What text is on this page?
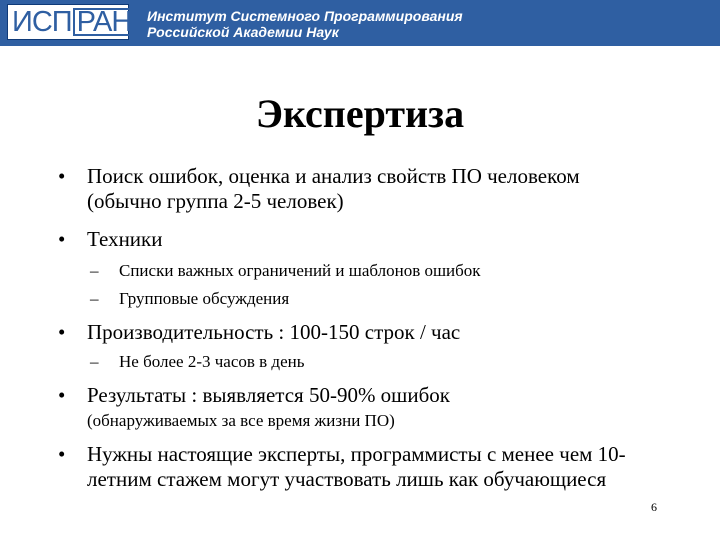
ИСП РАН Институт Системного Программирования
Российской Академии Наук
Экспертиза
•	Поиск ошибок, оценка и анализ свойств ПО человеком (обычно группа 2-5 человек)
•	Техники
– Списки важных ограничений и шаблонов ошибок
– Групповые обсуждения
•	Производительность : 100-150 строк / час
– Не более 2-3 часов в день
•	Результаты : выявляется 50-90% ошибок
(обнаруживаемых за все время жизни ПО)
•	Нужны настоящие эксперты, программисты с менее чем 10-летним стажем могут участвовать лишь как обучающиеся
6
